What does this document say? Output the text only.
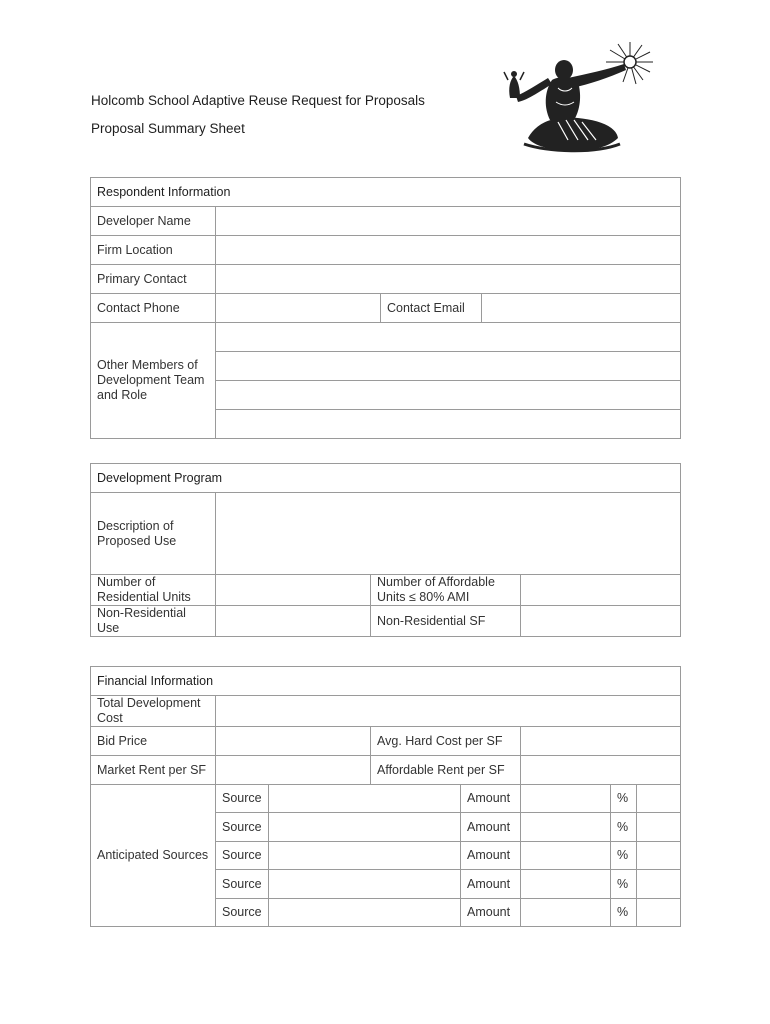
Holcomb School Adaptive Reuse Request for Proposals
Proposal Summary Sheet
Respondent Information			
Developer Name			
Firm Location			
Primary Contact			
Contact Phone		Contact Email	
Other Members of Development Team and Role			

Development Program			
Description of Proposed Use			
Number of Residential Units		Number of Affordable Units ≤ 80% AMI	
Non-Residential Use		Non-Residential SF	
Financial Information							
Total Development Cost							
Bid Price			Avg. Hard Cost per SF				
Market Rent per SF			Affordable Rent per SF				
Anticipated Sources	Source			Amount		%	
	Source			Amount		%	
	Source			Amount		%	
	Source			Amount		%	
	Source			Amount		%	
